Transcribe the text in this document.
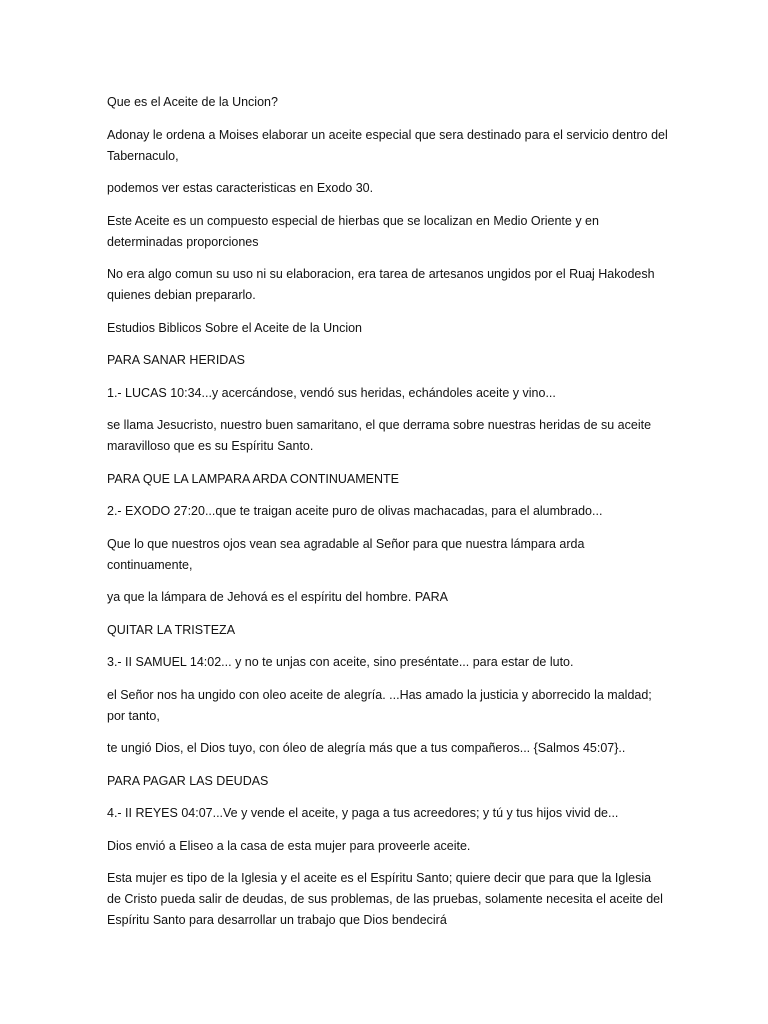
Que es el Aceite de la Uncion?

Adonay le ordena a Moises elaborar un aceite especial que sera destinado para el servicio dentro del Tabernaculo,

podemos ver estas caracteristicas en Exodo 30.

Este Aceite es un compuesto especial de hierbas que se localizan en Medio Oriente y en determinadas proporciones

No era algo comun su uso ni su elaboracion, era tarea de artesanos ungidos por el Ruaj Hakodesh quienes debian prepararlo.

Estudios Biblicos Sobre el Aceite de la Uncion

PARA SANAR HERIDAS

1.- LUCAS 10:34...y acercándose, vendó sus heridas, echándoles aceite y vino...

se llama Jesucristo, nuestro buen samaritano, el que derrama sobre nuestras heridas de su aceite maravilloso que es su Espíritu Santo.

PARA QUE LA LAMPARA ARDA CONTINUAMENTE

2.- EXODO 27:20...que te traigan aceite puro de olivas machacadas, para el alumbrado...

Que lo que nuestros ojos vean sea agradable al Señor para que nuestra lámpara arda continuamente,

ya que la lámpara de Jehová es el espíritu del hombre. PARA

QUITAR LA TRISTEZA

3.- II SAMUEL 14:02... y no te unjas con aceite, sino preséntate... para estar de luto.

el Señor nos ha ungido con oleo aceite de alegría. ...Has amado la justicia y aborrecido la maldad; por tanto,

te ungió Dios, el Dios tuyo, con óleo de alegría más que a tus compañeros... {Salmos 45:07}..

PARA PAGAR LAS DEUDAS

4.- II REYES 04:07...Ve y vende el aceite, y paga a tus acreedores; y tú y tus hijos vivid de...

Dios envió a Eliseo a la casa de esta mujer para proveerle aceite.

Esta mujer es tipo de la Iglesia y el aceite es el Espíritu Santo; quiere decir que para que la Iglesia de Cristo pueda salir de deudas, de sus problemas, de las pruebas, solamente necesita el aceite del Espíritu Santo para desarrollar un trabajo que Dios bendecirá
